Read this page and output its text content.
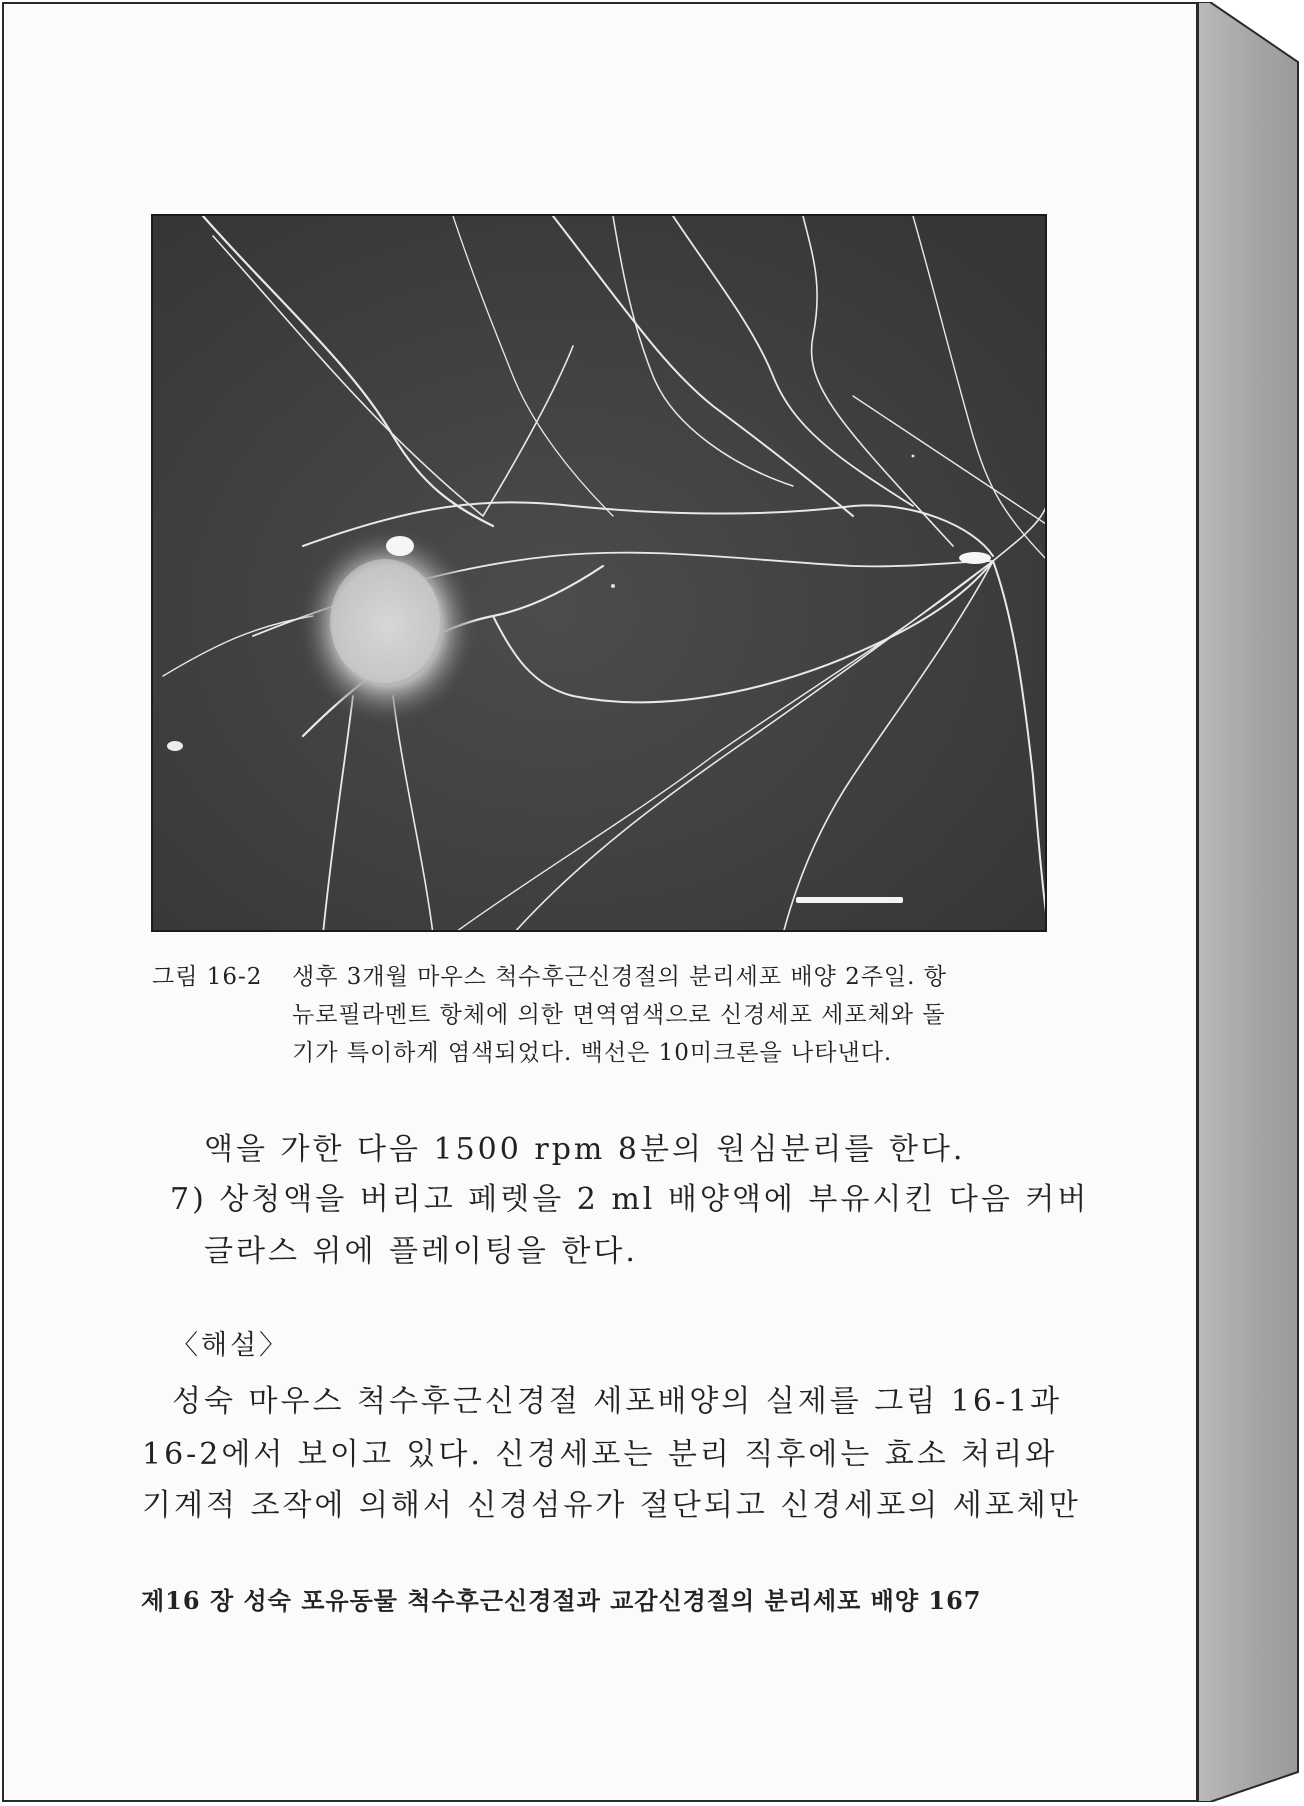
그림 16-2 생후 3개월 마우스 척수후근신경절의 분리세포 배양 2주일. 항
뉴로필라멘트 항체에 의한 면역염색으로 신경세포 세포체와 돌
기가 특이하게 염색되었다. 백선은 10미크론을 나타낸다.
액을 가한 다음 1500 rpm 8분의 원심분리를 한다.
7) 상청액을 버리고 페렛을 2 ml 배양액에 부유시킨 다음 커버
글라스 위에 플레이팅을 한다.
〈해설〉
성숙 마우스 척수후근신경절 세포배양의 실제를 그림 16-1과
16-2에서 보이고 있다. 신경세포는 분리 직후에는 효소 처리와
기계적 조작에 의해서 신경섬유가 절단되고 신경세포의 세포체만
제16 장 성숙 포유동물 척수후근신경절과 교감신경절의 분리세포 배양 167
